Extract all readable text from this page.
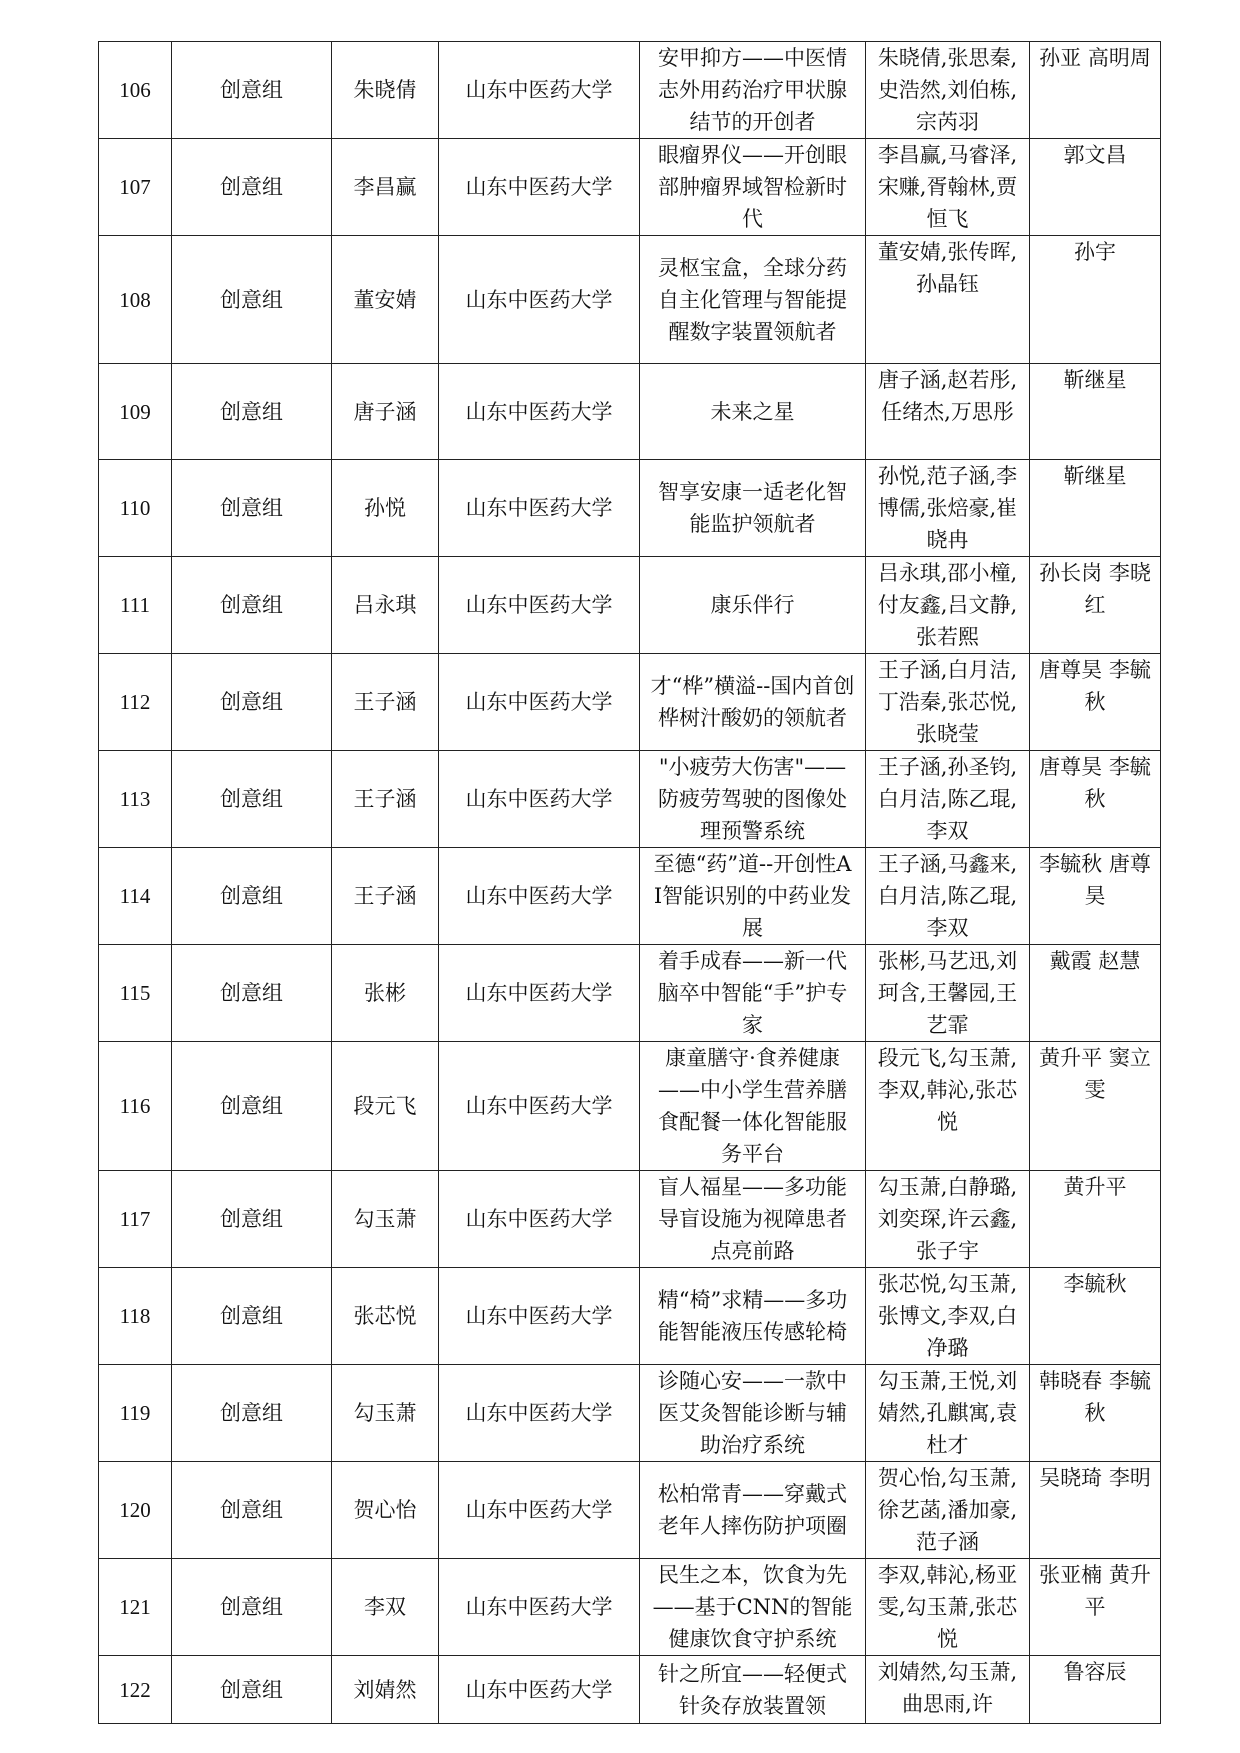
106	创意组	朱晓倩	山东中医药大学	安甲抑方——中医情志外用药治疗甲状腺结节的开创者	朱晓倩,张思秦,史浩然,刘伯栋,宗芮羽	孙亚 高明周
107	创意组	李昌赢	山东中医药大学	眼瘤界仪——开创眼部肿瘤界域智检新时代	李昌赢,马睿泽,宋赚,胥翰林,贾恒飞	郭文昌
108	创意组	董安婧	山东中医药大学	灵枢宝盒，全球分药自主化管理与智能提醒数字装置领航者	董安婧,张传晖,孙晶钰	孙宇
109	创意组	唐子涵	山东中医药大学	未来之星	唐子涵,赵若彤,任绪杰,万思彤	靳继星
110	创意组	孙悦	山东中医药大学	智享安康一适老化智能监护领航者	孙悦,范子涵,李博儒,张焙豪,崔晓冉	靳继星
111	创意组	吕永琪	山东中医药大学	康乐伴行	吕永琪,邵小橦,付友鑫,吕文静,张若熙	孙长岗 李晓红
112	创意组	王子涵	山东中医药大学	才“桦”横溢--国内首创桦树汁酸奶的领航者	王子涵,白月洁,丁浩秦,张芯悦,张晓莹	唐尊昊 李毓秋
113	创意组	王子涵	山东中医药大学	"小疲劳大伤害"——防疲劳驾驶的图像处理预警系统	王子涵,孙圣钧,白月洁,陈乙琨,李双	唐尊昊 李毓秋
114	创意组	王子涵	山东中医药大学	至德“药”道--开创性AI智能识别的中药业发展	王子涵,马鑫来,白月洁,陈乙琨,李双	李毓秋 唐尊昊
115	创意组	张彬	山东中医药大学	着手成春——新一代脑卒中智能“手”护专家	张彬,马艺迅,刘珂含,王馨园,王艺霏	戴霞 赵慧
116	创意组	段元飞	山东中医药大学	康童膳守·食养健康——中小学生营养膳食配餐一体化智能服务平台	段元飞,勾玉萧,李双,韩沁,张芯悦	黄升平 窦立雯
117	创意组	勾玉萧	山东中医药大学	盲人福星——多功能导盲设施为视障患者点亮前路	勾玉萧,白静璐,刘奕琛,许云鑫,张子宇	黄升平
118	创意组	张芯悦	山东中医药大学	精“椅”求精——多功能智能液压传感轮椅	张芯悦,勾玉萧,张博文,李双,白净璐	李毓秋
119	创意组	勾玉萧	山东中医药大学	诊随心安——一款中医艾灸智能诊断与辅助治疗系统	勾玉萧,王悦,刘婧然,孔麒寓,袁杜才	韩晓春 李毓秋
120	创意组	贺心怡	山东中医药大学	松柏常青——穿戴式老年人摔伤防护项圈	贺心怡,勾玉萧,徐艺菡,潘加豪,范子涵	吴晓琦 李明
121	创意组	李双	山东中医药大学	民生之本，饮食为先——基于CNN的智能健康饮食守护系统	李双,韩沁,杨亚雯,勾玉萧,张芯悦	张亚楠 黄升平
122	创意组	刘婧然	山东中医药大学	针之所宜——轻便式针灸存放装置领	刘婧然,勾玉萧,曲思雨,许	鲁容辰
